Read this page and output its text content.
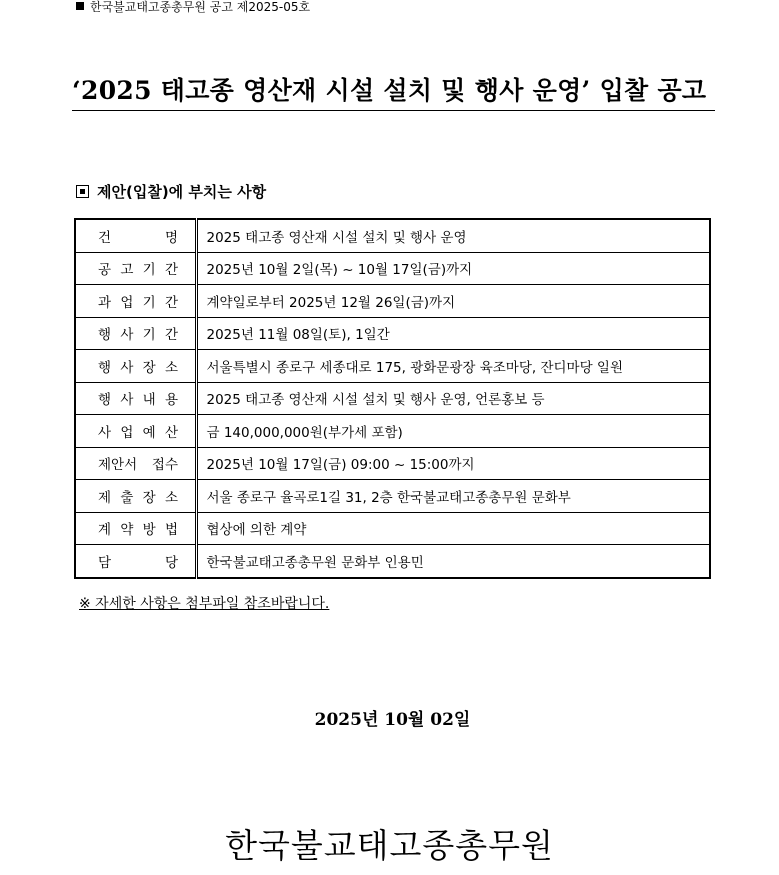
한국불교태고종총무원 공고 제2025-05호
‘2025 태고종 영산재 시설 설치 및 행사 운영’ 입찰 공고
제안(입찰)에 부치는 사항
건 명	2025 태고종 영산재 시설 설치 및 행사 운영

공 고 기 간	2025년 10월 2일(목) ~ 10월 17일(금)까지

과 업 기 간	계약일로부터 2025년 12월 26일(금)까지

행 사 기 간	2025년 11월 08일(토), 1일간

행 사 장 소	서울특별시 종로구 세종대로 175, 광화문광장 육조마당, 잔디마당 일원

행 사 내 용	2025 태고종 영산재 시설 설치 및 행사 운영, 언론홍보 등

사 업 예 산	금 140,000,000원(부가세 포함)

제안서 접수	2025년 10월 17일(금) 09:00 ~ 15:00까지

제 출 장 소	서울 종로구 율곡로1길 31, 2층 한국불교태고종총무원 문화부

계 약 방 법	협상에 의한 계약

담 당	한국불교태고종총무원 문화부 인용민
※ 자세한 사항은 첨부파일 참조바랍니다.
2025년 10월 02일
한국불교태고종총무원
